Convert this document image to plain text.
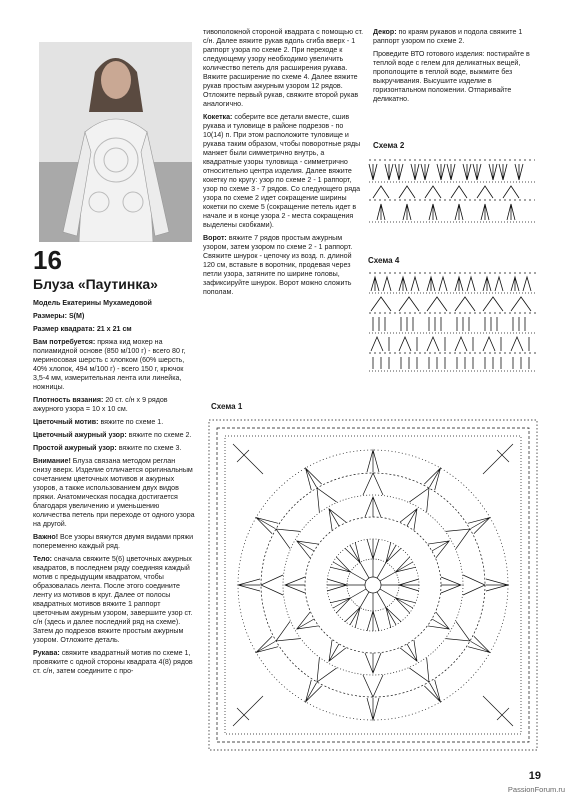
16
Блуза «Паутинка»

Модель Екатерины Мухамедовой

Размеры: S(M)

Размер квадрата: 21 х 21 см

Вам потребуется: пряжа кид мохер на полиамидной основе (850 м/100 г) - всего 80 г, мериносовая шерсть с хлопком (60% шерсть, 40% хлопок, 494 м/100 г) - всего 150 г, крючок 3,5-4 мм, измерительная лента или линейка, ножницы.

Плотность вязания: 20 ст. с/н х 9 рядов ажурного узора = 10 х 10 см.

Цветочный мотив: вяжите по схеме 1.

Цветочный ажурный узор: вяжите по схеме 2.

Простой ажурный узор: вяжите по схеме 3.

Внимание! Блуза связана методом реглан снизу вверх. Изделие отличается оригинальным сочетанием цветочных мотивов и ажурных узоров, а также использованием двух видов пряжи. Анатомическая посадка достигается благодаря увеличению и уменьшению количества петель при переходе от одного узора на другой.

Важно! Все узоры вяжутся двумя видами пряжи попеременно каждый ряд.

Тело: сначала свяжите 5(6) цветочных ажурных квадратов, в последнем ряду соединяя каждый мотив с предыдущим квадратом, чтобы образовалась лента. После этого соедините ленту из мотивов в круг. Далее от полосы квадратных мотивов вяжите 1 раппорт цветочным ажурным узором, завершите узор ст. с/н (здесь и далее последний ряд на схеме). Затем до подрезов вяжите простым ажурным узором. Отложите деталь.

Рукава: свяжите квадратный мотив по схеме 1, провяжите с одной стороны квадрата 4(8) рядов ст. с/н, затем соедините с про-

тивоположной стороной квадрата с помощью ст. с/н. Далее вяжите рукав вдоль сгиба вверх - 1 раппорт узора по схеме 2. При переходе к следующему узору необходимо увеличить количество петель для расширения рукава. Вяжите расширение по схеме 4. Далее вяжите рукав простым ажурным узором 12 рядов. Отложите первый рукав, свяжите второй рукав аналогично.

Кокетка: соберите все детали вместе, сшив рукава и туловище в районе подрезов - по 10(14) п. При этом расположите туловище и рукава таким образом, чтобы поворотные ряды манжет были симметрично внутрь, а квадратные узоры туловища - симметрично относительно центра изделия. Далее вяжите кокетку по кругу: узор по схеме 2 - 1 раппорт, узор по схеме 3 - 7 рядов. Со следующего ряда узора по схеме 2 идет сокращение ширины кокетки по схеме 5 (сокращение петель идет в начале и в конце узора 2 - места сокращения выделены скобками).

Ворот: вяжите 7 рядов простым ажурным узором, затем узором по схеме 2 - 1 раппорт. Свяжите шнурок - цепочку из возд. п. длиной 120 см, вставьте в воротник, продевая через петли узора, затяните по ширине головы, зафиксируйте шнурок. Ворот можно сложить пополам.

Декор: по краям рукавов и подола свяжите 1 раппорт узором по схеме 2.

Проведите ВТО готового изделия: постирайте в теплой воде с гелем для деликатных вещей, прополощите в теплой воде, выжмите без выкручивания. Высушите изделие в горизонтальном положении. Отпаривайте деликатно.

Схема 2
Схема 4
Схема 1
19
PassionForum.ru
